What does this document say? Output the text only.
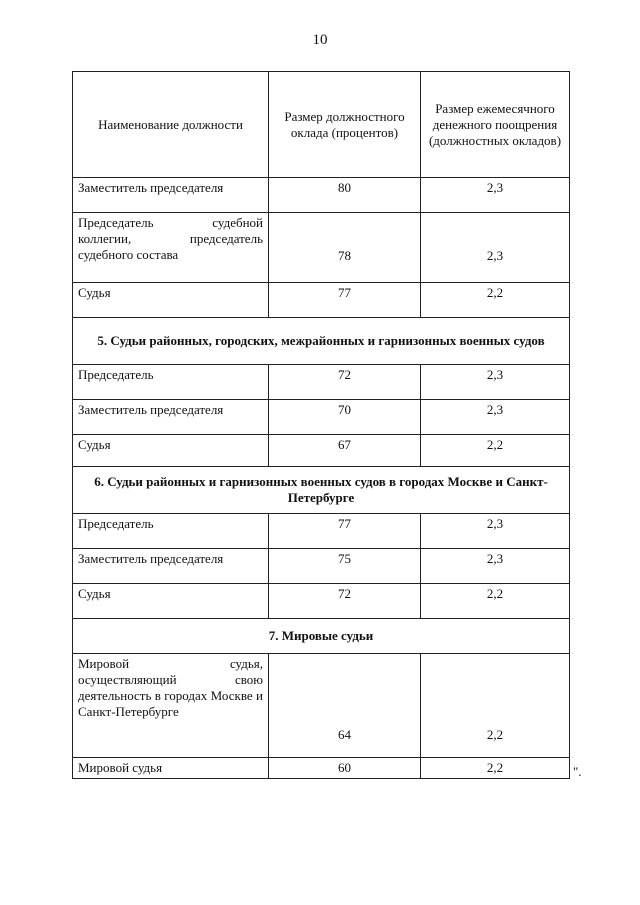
10
Наименование должности	Размер должностного оклада (процентов)	Размер ежемесячного денежного поощрения (должностных окладов)
Заместитель председателя	80	2,3
Председатель судебной коллегии, председатель судебного состава	78	2,3
Судья	77	2,2
5. Судьи районных, городских, межрайонных и гарнизонных военных судов		
Председатель	72	2,3
Заместитель председателя	70	2,3
Судья	67	2,2
6. Судьи районных и гарнизонных военных судов в городах Москве и Санкт-Петербурге		
Председатель	77	2,3
Заместитель председателя	75	2,3
Судья	72	2,2
7. Мировые судьи		
Мировой судья, осуществляющий свою деятельность в городах Москве и Санкт-Петербурге	64	2,2
Мировой судья	60	2,2	".
